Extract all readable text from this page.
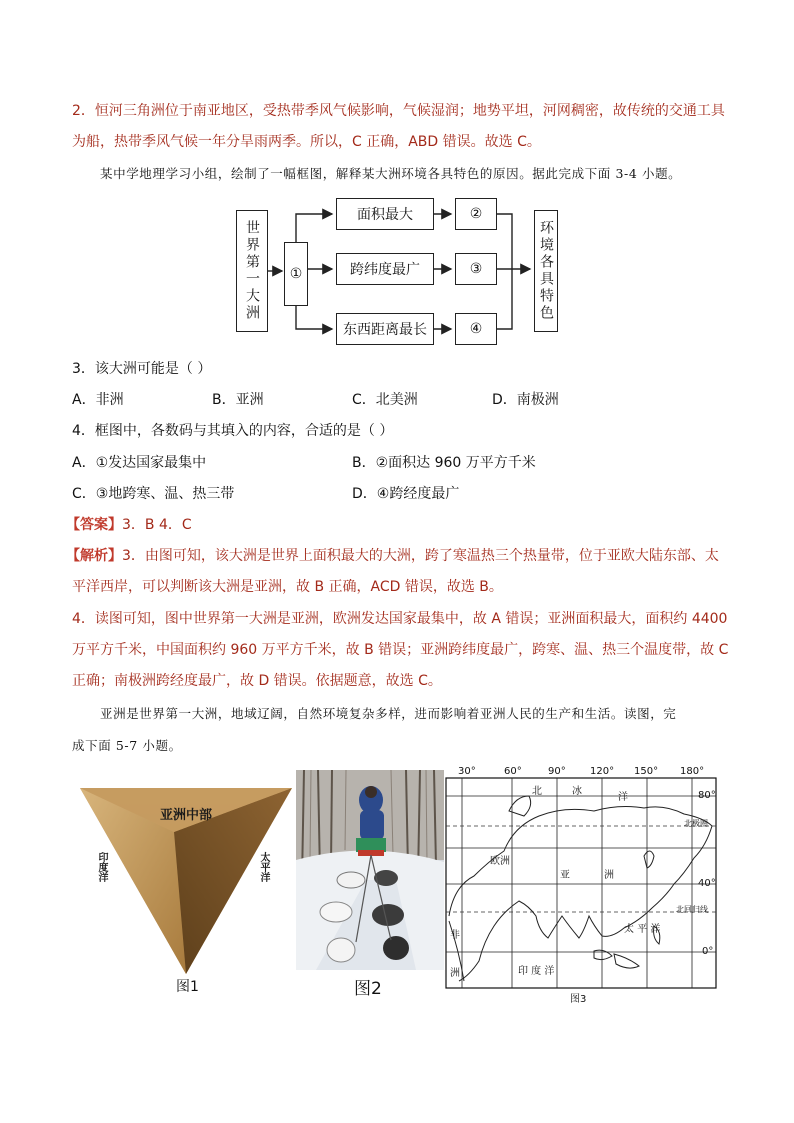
2．恒河三角洲位于南亚地区，受热带季风气候影响，气候湿润；地势平坦，河网稠密，故传统的交通工具
为船，热带季风气候一年分旱雨两季。所以，C 正确，ABD 错误。故选 C。
某中学地理学习小组，绘制了一幅框图，解释某大洲环境各具特色的原因。据此完成下面 3-4 小题。
世界第一大洲	①
面积最大
跨纬度最广
东西距离最长
②
③
④
环境各具特色
3．该大洲可能是（ ）
A．非洲	B．亚洲	C．北美洲	D．南极洲
4．框图中，各数码与其填入的内容，合适的是（ ）
A．①发达国家最集中	B．②面积达 960 万平方千米
C．③地跨寒、温、热三带	D．④跨经度最广
【答案】3．B 4．C
【解析】3．由图可知，该大洲是世界上面积最大的大洲，跨了寒温热三个热量带，位于亚欧大陆东部、太
平洋西岸，可以判断该大洲是亚洲，故 B 正确，ACD 错误，故选 B。
4．读图可知，图中世界第一大洲是亚洲，欧洲发达国家最集中，故 A 错误；亚洲面积最大，面积约 4400
万平方千米，中国面积约 960 万平方千米，故 B 错误；亚洲跨纬度最广，跨寒、温、热三个温度带，故 C
正确；南极洲跨经度最广，故 D 错误。依据题意，故选 C。
亚洲是世界第一大洲，地域辽阔，自然环境复杂多样，进而影响着亚洲人民的生产和生活。读图，完
成下面 5-7 小题。
亚洲中部
印度洋	太平洋
图1	图2
30°	60°	90° 120° 150° 180°
80°
40°
0°
北	冰
洋
北极圈
北回归线
欧洲
亚	洲
太 平 洋
非
洲	印 度 洋
图3
